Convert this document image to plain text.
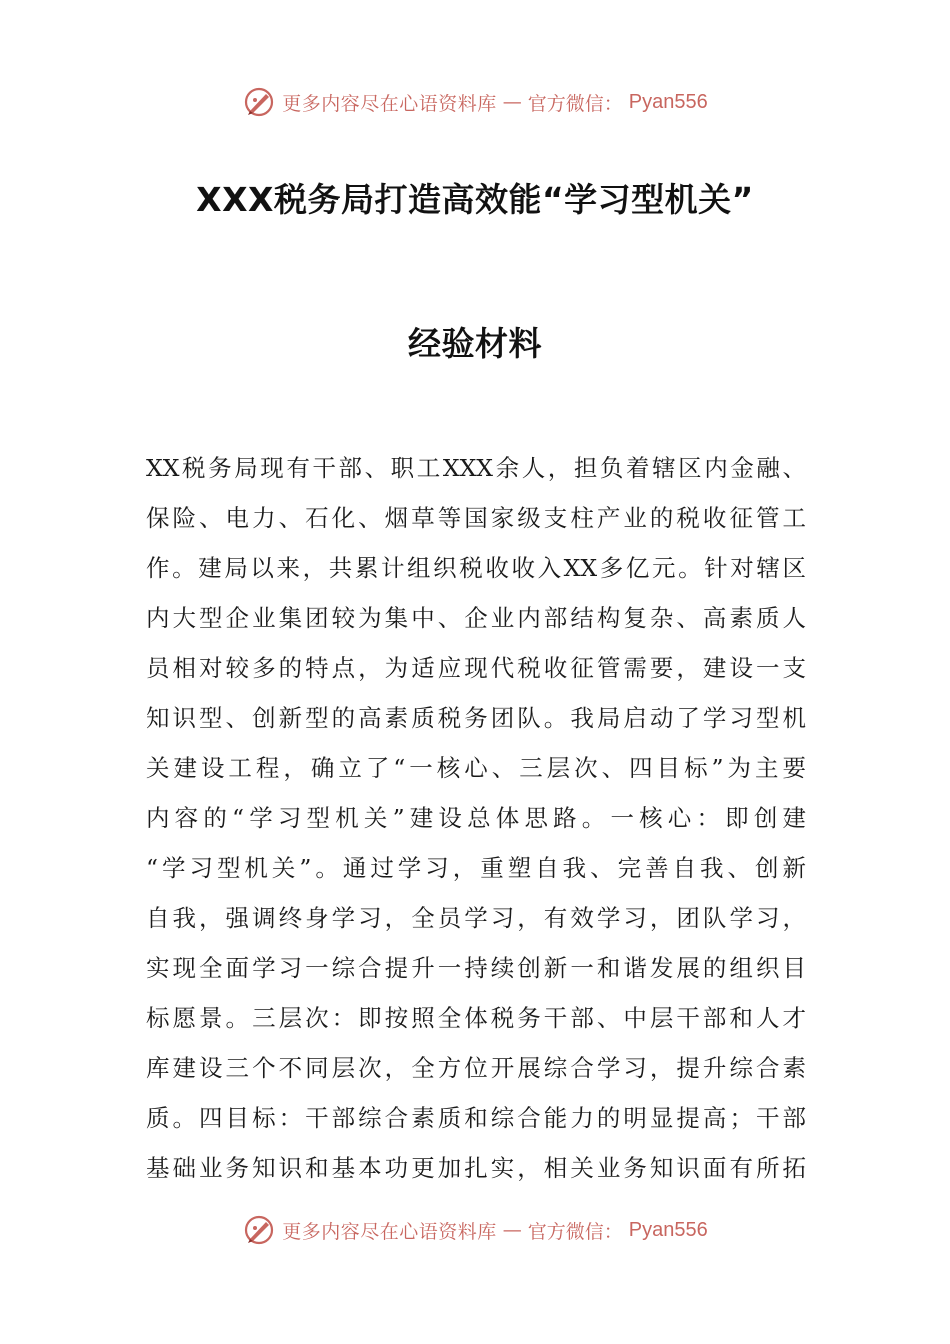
更多内容尽在心语资料库 — 官方微信： Pyan556
XXX税务局打造高效能“学习型机关”
经验材料
XX税务局现有干部、职工XXX余人，担负着辖区内金融、
保险、电力、石化、烟草等国家级支柱产业的税收征管工
作。建局以来，共累计组织税收收入XX多亿元。针对辖区
内大型企业集团较为集中、企业内部结构复杂、高素质人
员相对较多的特点，为适应现代税收征管需要，建设一支
知识型、创新型的高素质税务团队。我局启动了学习型机
关建设工程，确立了“一核心、三层次、四目标”为主要
内容的“学习型机关”建设总体思路。一核心：即创建
“学习型机关”。通过学习，重塑自我、完善自我、创新
自我，强调终身学习，全员学习，有效学习，团队学习，
实现全面学习一综合提升一持续创新一和谐发展的组织目
标愿景。三层次：即按照全体税务干部、中层干部和人才
库建设三个不同层次，全方位开展综合学习，提升综合素
质。四目标：干部综合素质和综合能力的明显提高；干部
基础业务知识和基本功更加扎实，相关业务知识面有所拓
更多内容尽在心语资料库 — 官方微信： Pyan556
